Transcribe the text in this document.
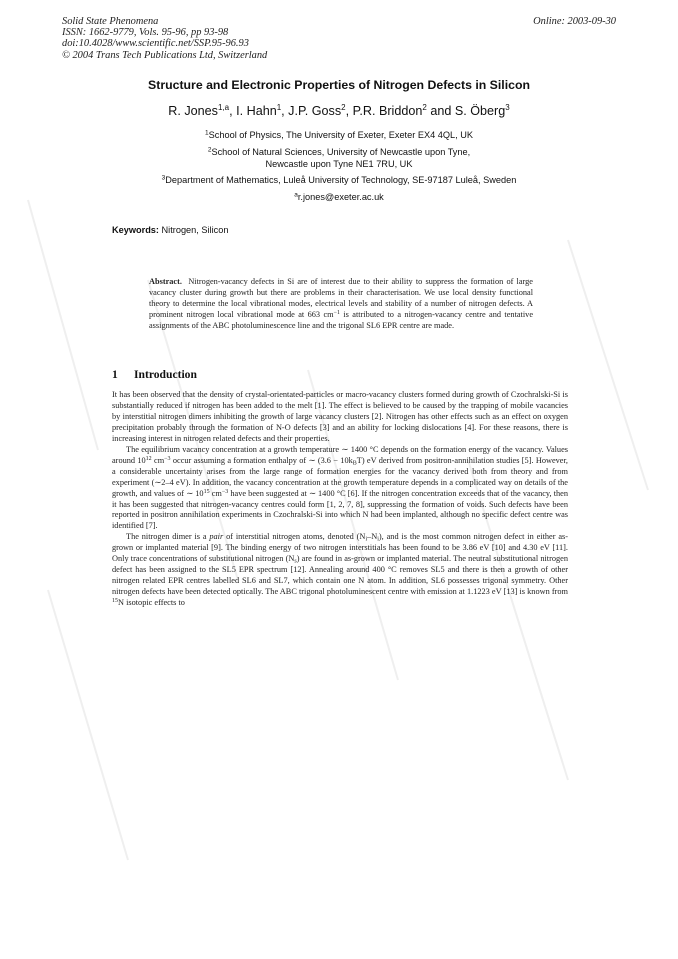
Solid State Phenomena
ISSN: 1662-9779, Vols. 95-96, pp 93-98
doi:10.4028/www.scientific.net/SSP.95-96.93
© 2004 Trans Tech Publications Ltd, Switzerland
Online: 2003-09-30
Structure and Electronic Properties of Nitrogen Defects in Silicon
R. Jones$^{1,a}$, I. Hahn$^1$, J.P. Goss$^2$, P.R. Briddon$^2$ and S. Öberg$^3$
$^1$School of Physics, The University of Exeter, Exeter EX4 4QL, UK
$^2$School of Natural Sciences, University of Newcastle upon Tyne,
Newcastle upon Tyne NE1 7RU, UK
$^3$Department of Mathematics, Luleå University of Technology, SE-97187 Luleå, Sweden
$^a$r.jones@exeter.ac.uk
Keywords: Nitrogen, Silicon
Abstract. Nitrogen-vacancy defects in Si are of interest due to their ability to suppress the formation of large vacancy cluster during growth but there are problems in their characterisation. We use local density functional theory to determine the local vibrational modes, electrical levels and stability of a number of nitrogen defects. A prominent nitrogen local vibrational mode at 663 $cm^{-1}$ is attributed to a nitrogen-vacancy centre and tentative assignments of the ABC photoluminescence line and the trigonal SL6 EPR centre are made.
1 Introduction

It has been observed that the density of crystal-orientated-particles or macro-vacancy clusters formed during growth of Czochralski-Si is substantially reduced if nitrogen has been added to the melt [1]. The effect is believed to be caused by the trapping of mobile vacancies by interstitial nitrogen dimers inhibiting the growth of large vacancy clusters [2]. Nitrogen has other effects such as an effect on oxygen precipitation probably through the formation of N-O defects [3] and an ability for locking dislocations [4]. For these reasons, there is increasing interest in nitrogen related defects and their properties.

The equilibrium vacancy concentration at a growth temperature ∼ 1400 °C depends on the formation energy of the vacancy. Values around $10^{12}$ $cm^{-3}$ occur assuming a formation enthalpy of ∼ $(3.6 - 10k_BT)$ eV derived from positron-annihilation studies [5]. However, a considerable uncertainty arises from the large range of formation energies for the vacancy derived both from theory and from experiment (∼2–4 eV). In addition, the vacancy concentration at the growth temperature depends in a complicated way on details of the growth, and values of ∼ $10^{15}$ $cm^{-3}$ have been suggested at ∼ 1400 °C [6]. If the nitrogen concentration exceeds that of the vacancy, then it has been suggested that nitrogen-vacancy centres could form [1, 2, 7, 8], suppressing the formation of voids. Such defects have been reported in positron annihilation experiments in Czochralski-Si into which N had been implanted, although no specific defect centre was identified [7].

The nitrogen dimer is a pair of interstitial nitrogen atoms, denoted $(N_i-N_i)$, and is the most common nitrogen defect in either as-grown or implanted material [9]. The binding energy of two nitrogen interstitials has been found to be 3.86 eV [10] and 4.30 eV [11]. Only trace concentrations of substitutional nitrogen $(N_s)$ are found in as-grown or implanted material. The neutral substitutional nitrogen defect has been assigned to the SL5 EPR spectrum [12]. Annealing around 400 °C removes SL5 and there is then a growth of other nitrogen related EPR centres labelled SL6 and SL7, which contain one N atom. In addition, SL6 possesses trigonal symmetry. Other nitrogen defects have been detected optically. The ABC trigonal photoluminescent centre with emission at 1.1223 eV [13] is known from $^{15}$N isotopic effects to
